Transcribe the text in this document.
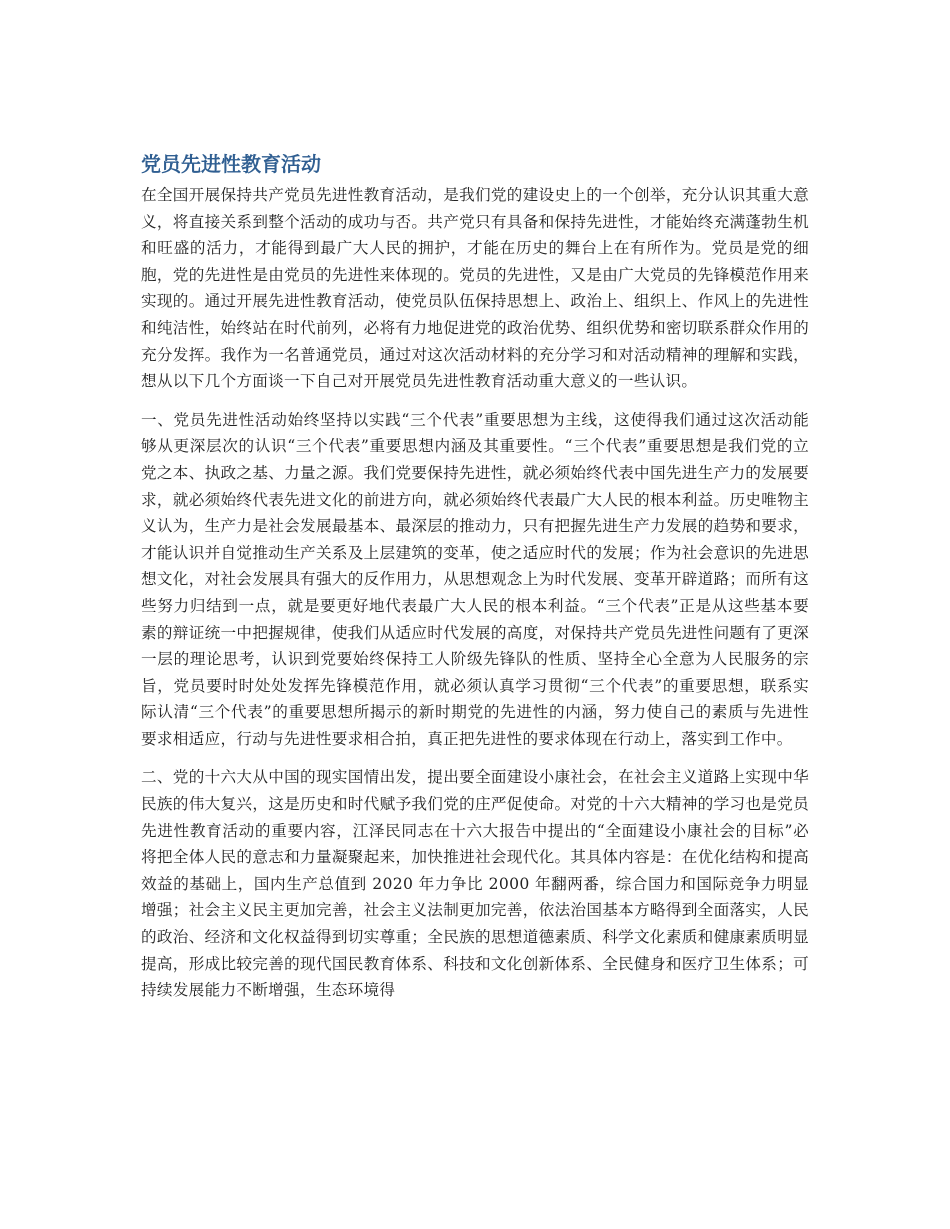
党员先进性教育活动

在全国开展保持共产党员先进性教育活动，是我们党的建设史上的一个创举，充分认识其重大意义，将直接关系到整个活动的成功与否。共产党只有具备和保持先进性，才能始终充满蓬勃生机和旺盛的活力，才能得到最广大人民的拥护，才能在历史的舞台上在有所作为。党员是党的细胞，党的先进性是由党员的先进性来体现的。党员的先进性，又是由广大党员的先锋模范作用来实现的。通过开展先进性教育活动，使党员队伍保持思想上、政治上、组织上、作风上的先进性和纯洁性，始终站在时代前列，必将有力地促进党的政治优势、组织优势和密切联系群众作用的充分发挥。我作为一名普通党员，通过对这次活动材料的充分学习和对活动精神的理解和实践，想从以下几个方面谈一下自己对开展党员先进性教育活动重大意义的一些认识。

一、党员先进性活动始终坚持以实践“三个代表”重要思想为主线，这使得我们通过这次活动能够从更深层次的认识“三个代表”重要思想内涵及其重要性。“三个代表”重要思想是我们党的立党之本、执政之基、力量之源。我们党要保持先进性，就必须始终代表中国先进生产力的发展要求，就必须始终代表先进文化的前进方向，就必须始终代表最广大人民的根本利益。历史唯物主义认为，生产力是社会发展最基本、最深层的推动力，只有把握先进生产力发展的趋势和要求，才能认识并自觉推动生产关系及上层建筑的变革，使之适应时代的发展；作为社会意识的先进思想文化，对社会发展具有强大的反作用力，从思想观念上为时代发展、变革开辟道路；而所有这些努力归结到一点，就是要更好地代表最广大人民的根本利益。“三个代表”正是从这些基本要素的辩证统一中把握规律，使我们从适应时代发展的高度，对保持共产党员先进性问题有了更深一层的理论思考，认识到党要始终保持工人阶级先锋队的性质、坚持全心全意为人民服务的宗旨，党员要时时处处发挥先锋模范作用，就必须认真学习贯彻“三个代表”的重要思想，联系实际认清“三个代表”的重要思想所揭示的新时期党的先进性的内涵，努力使自己的素质与先进性要求相适应，行动与先进性要求相合拍，真正把先进性的要求体现在行动上，落实到工作中。

二、党的十六大从中国的现实国情出发，提出要全面建设小康社会，在社会主义道路上实现中华民族的伟大复兴，这是历史和时代赋予我们党的庄严促使命。对党的十六大精神的学习也是党员先进性教育活动的重要内容，江泽民同志在十六大报告中提出的“全面建设小康社会的目标”必将把全体人民的意志和力量凝聚起来，加快推进社会现代化。其具体内容是：在优化结构和提高效益的基础上，国内生产总值到 2020 年力争比 2000 年翻两番，综合国力和国际竞争力明显增强；社会主义民主更加完善，社会主义法制更加完善，依法治国基本方略得到全面落实，人民的政治、经济和文化权益得到切实尊重；全民族的思想道德素质、科学文化素质和健康素质明显提高，形成比较完善的现代国民教育体系、科技和文化创新体系、全民健身和医疗卫生体系；可持续发展能力不断增强，生态环境得
